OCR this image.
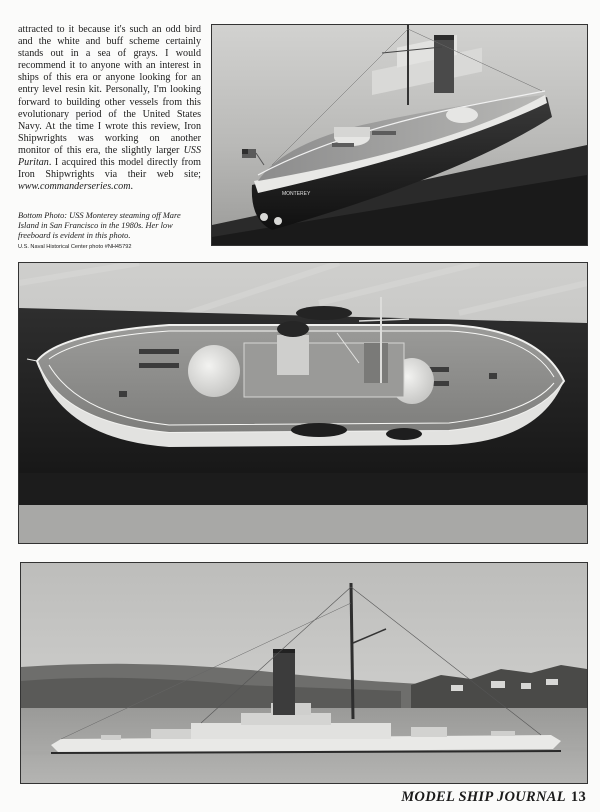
attracted to it because it's such an odd bird and the white and buff scheme certainly stands out in a sea of grays. I would recommend it to anyone with an interest in ships of this era or anyone looking for an entry level resin kit. Personally, I'm looking forward to building other vessels from this evolutionary period of the United States Navy. At the time I wrote this review, Iron Shipwrights was working on another monitor of this era, the slightly larger USS Puritan. I acquired this model directly from Iron Shipwrights via their web site; www.commanderseries.com.

Bottom Photo: USS Monterey steaming off Mare Island in San Francisco in the 1980s. Her low freeboard is evident in this photo.

U.S. Naval Historical Center photo #NH45792

MONTEREY
MODEL SHIP JOURNAL 13
